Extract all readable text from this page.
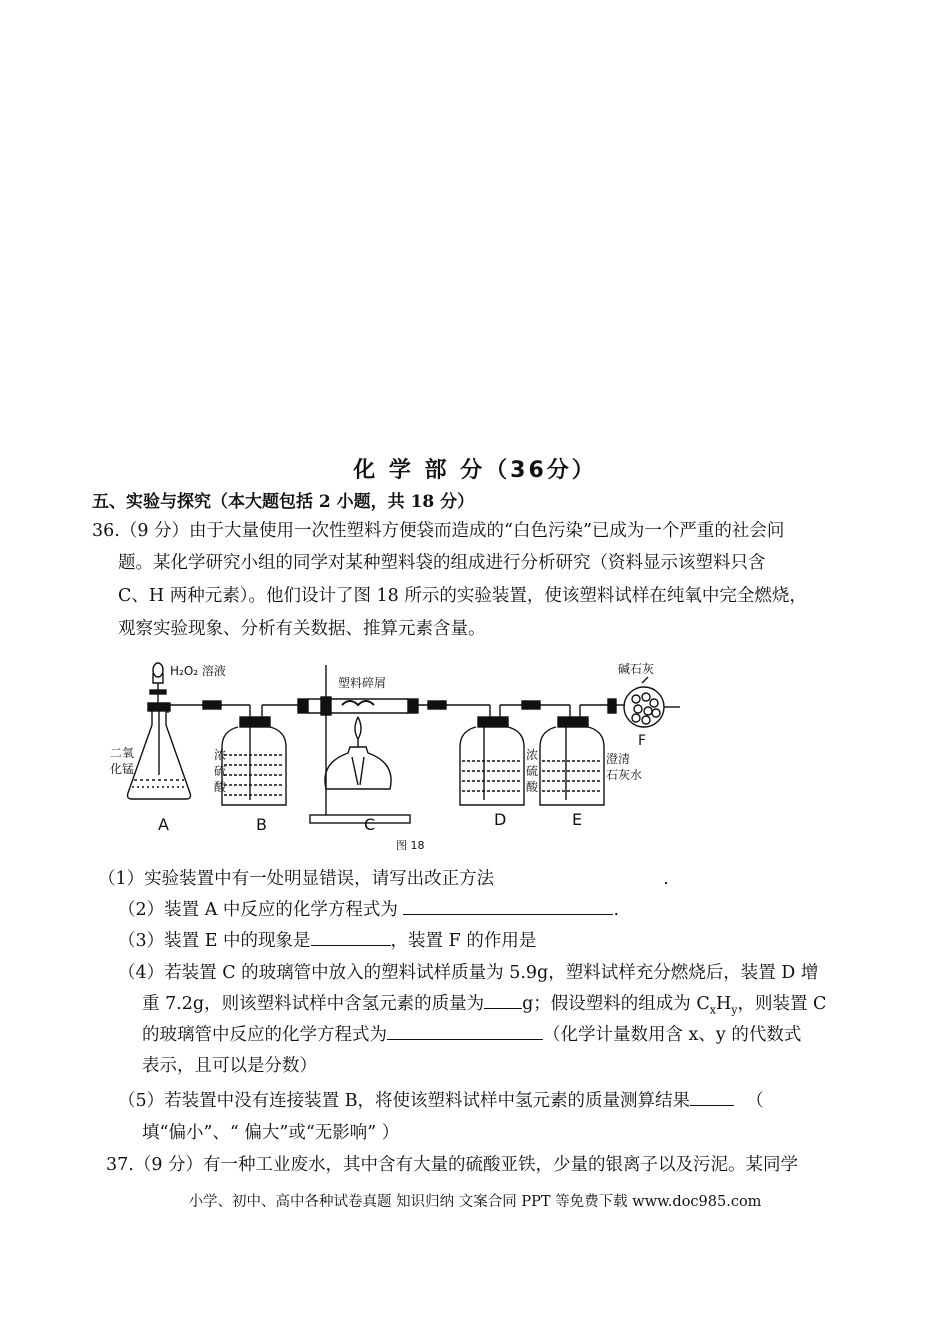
化 学 部 分（36分）
五、实验与探究（本大题包括 2 小题，共 18 分）
36.（9 分）由于大量使用一次性塑料方便袋而造成的“白色污染”已成为一个严重的社会问
题。某化学研究小组的同学对某种塑料袋的组成进行分析研究（资料显示该塑料只含
C、H 两种元素）。他们设计了图 18 所示的实验装置，使该塑料试样在纯氧中完全燃烧，
观察实验现象、分析有关数据、推算元素含量。
H₂O₂ 溶液
二氧
化锰
塑料碎屑
碱石灰
浓
硫
酸
浓
硫
酸
澄清
石灰水
A	B	C	D	E
F
图 18
（1）实验装置中有一处明显错误，请写出改正方法	.
（2）装置 A 中反应的化学方程式为	.
（3）装置 E 中的现象是	，装置 F 的作用是
（4）若装置 C 的玻璃管中放入的塑料试样质量为 5.9g，塑料试样充分燃烧后，装置 D 增
重 7.2g，则该塑料试样中含氢元素的质量为 g；假设塑料的组成为 $C_xH_y$，则装置 C
的玻璃管中反应的化学方程式为	（化学计量数用含 x、y 的代数式
表示，且可以是分数）
（5）若装置中没有连接装置 B，将使该塑料试样中氢元素的质量测算结果	（
填“偏小”、“ 偏大”或“无影响” ）
37.（9 分）有一种工业废水，其中含有大量的硫酸亚铁，少量的银离子以及污泥。某同学
小学、初中、高中各种试卷真题 知识归纳 文案合同 PPT 等免费下载 www.doc985.com
